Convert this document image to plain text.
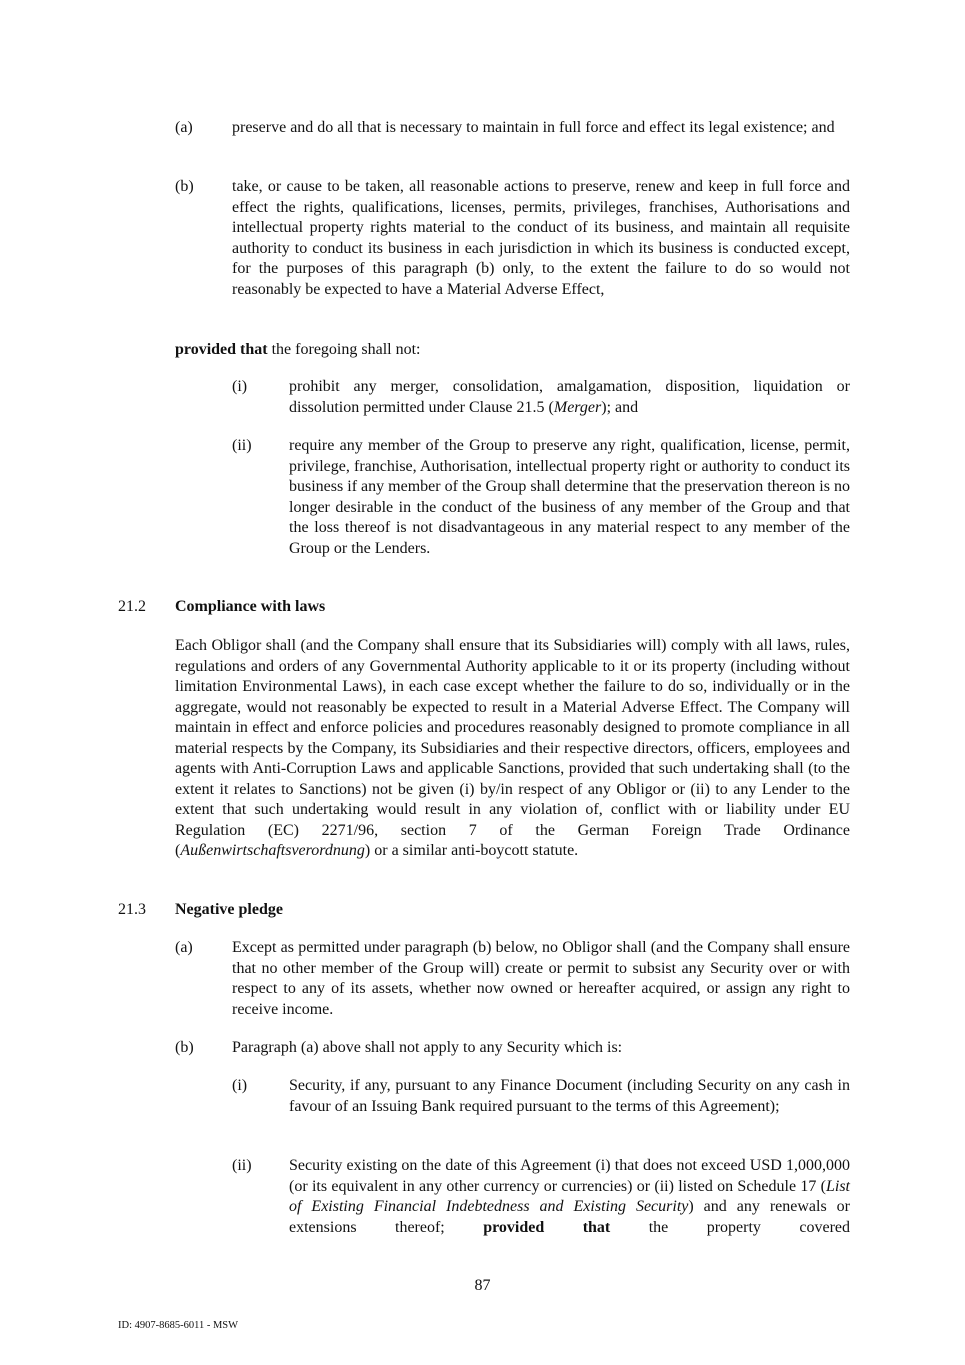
(a) preserve and do all that is necessary to maintain in full force and effect its legal existence; and
(b) take, or cause to be taken, all reasonable actions to preserve, renew and keep in full force and effect the rights, qualifications, licenses, permits, privileges, franchises, Authorisations and intellectual property rights material to the conduct of its business, and maintain all requisite authority to conduct its business in each jurisdiction in which its business is conducted except, for the purposes of this paragraph (b) only, to the extent the failure to do so would not reasonably be expected to have a Material Adverse Effect,
provided that the foregoing shall not:
(i)	prohibit any merger, consolidation, amalgamation, disposition, liquidation or dissolution permitted under Clause 21.5 (Merger); and
(ii) require any member of the Group to preserve any right, qualification, license, permit, privilege, franchise, Authorisation, intellectual property right or authority to conduct its business if any member of the Group shall determine that the preservation thereon is no longer desirable in the conduct of the business of any member of the Group and that the loss thereof is not disadvantageous in any material respect to any member of the Group or the Lenders.
21.2 Compliance with laws
Each Obligor shall (and the Company shall ensure that its Subsidiaries will) comply with all laws, rules, regulations and orders of any Governmental Authority applicable to it or its property (including without limitation Environmental Laws), in each case except whether the failure to do so, individually or in the aggregate, would not reasonably be expected to result in a Material Adverse Effect. The Company will maintain in effect and enforce policies and procedures reasonably designed to promote compliance in all material respects by the Company, its Subsidiaries and their respective directors, officers, employees and agents with Anti-Corruption Laws and applicable Sanctions, provided that such undertaking shall (to the extent it relates to Sanctions) not be given (i) by/in respect of any Obligor or (ii) to any Lender to the extent that such undertaking would result in any violation of, conflict with or liability under EU Regulation (EC) 2271/96, section 7 of the German Foreign Trade Ordinance (Außenwirtschaftsverordnung) or a similar anti-boycott statute.
21.3 Negative pledge
(a) Except as permitted under paragraph (b) below, no Obligor shall (and the Company shall ensure that no other member of the Group will) create or permit to subsist any Security over or with respect to any of its assets, whether now owned or hereafter acquired, or assign any right to receive income.
(b) Paragraph (a) above shall not apply to any Security which is:
(i)	Security, if any, pursuant to any Finance Document (including Security on any cash in favour of an Issuing Bank required pursuant to the terms of this Agreement);
(ii) Security existing on the date of this Agreement (i) that does not exceed USD 1,000,000 (or its equivalent in any other currency or currencies) or (ii) listed on Schedule 17 (List of Existing Financial Indebtedness and Existing Security) and any renewals or extensions thereof; provided that the property covered
87
ID: 4907-8685-6011 - MSW
